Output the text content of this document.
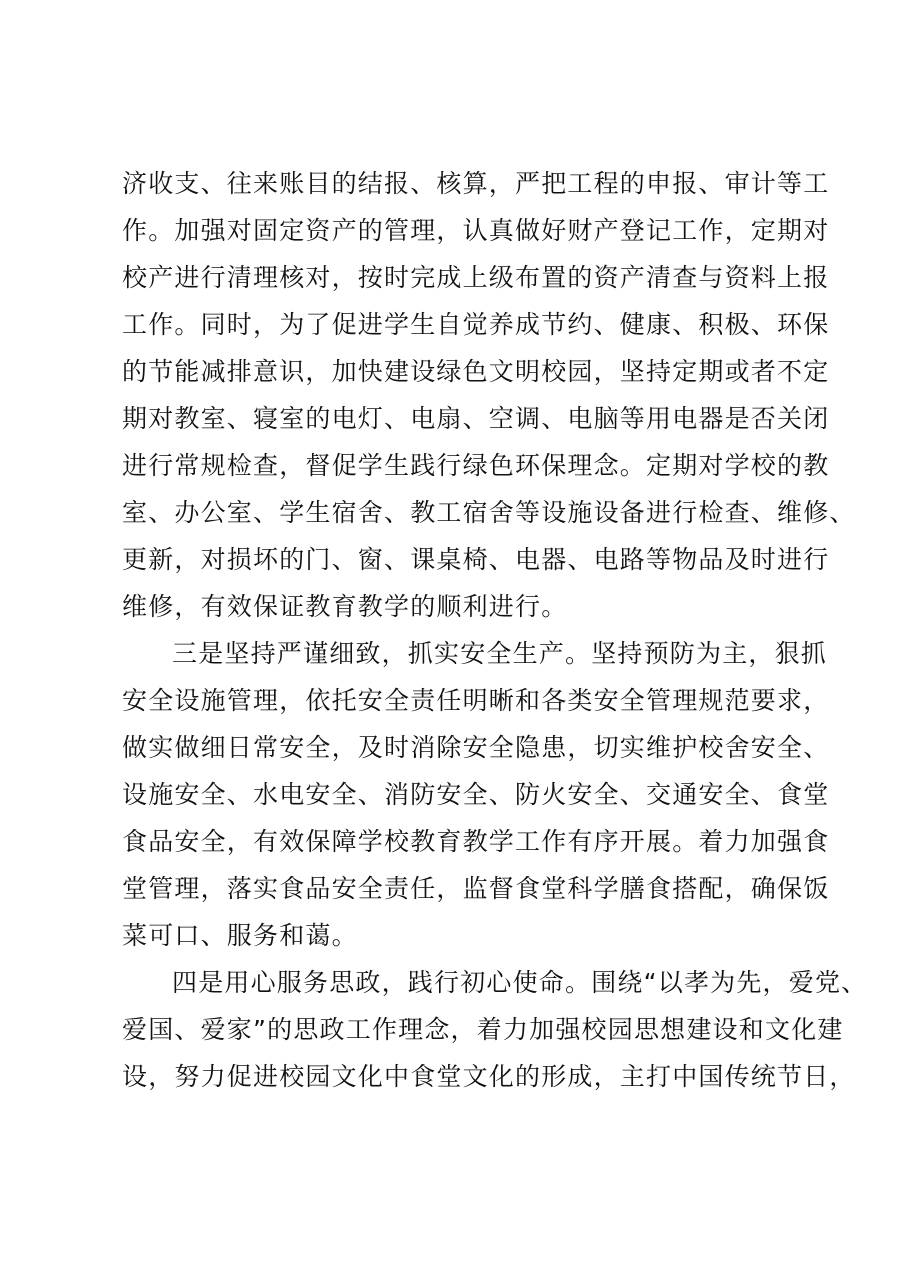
济收支、往来账目的结报、核算，严把工程的申报、审计等工
作。加强对固定资产的管理，认真做好财产登记工作，定期对
校产进行清理核对，按时完成上级布置的资产清查与资料上报
工作。同时，为了促进学生自觉养成节约、健康、积极、环保
的节能减排意识，加快建设绿色文明校园，坚持定期或者不定
期对教室、寝室的电灯、电扇、空调、电脑等用电器是否关闭
进行常规检查，督促学生践行绿色环保理念。定期对学校的教
室、办公室、学生宿舍、教工宿舍等设施设备进行检查、维修、
更新，对损坏的门、窗、课桌椅、电器、电路等物品及时进行
维修，有效保证教育教学的顺利进行。
三是坚持严谨细致，抓实安全生产。坚持预防为主，狠抓
安全设施管理，依托安全责任明晰和各类安全管理规范要求，
做实做细日常安全，及时消除安全隐患，切实维护校舍安全、
设施安全、水电安全、消防安全、防火安全、交通安全、食堂
食品安全，有效保障学校教育教学工作有序开展。着力加强食
堂管理，落实食品安全责任，监督食堂科学膳食搭配，确保饭
菜可口、服务和蔼。
四是用心服务思政，践行初心使命。围绕“以孝为先，爱党、
爱国、爱家”的思政工作理念，着力加强校园思想建设和文化建
设，努力促进校园文化中食堂文化的形成，主打中国传统节日，
